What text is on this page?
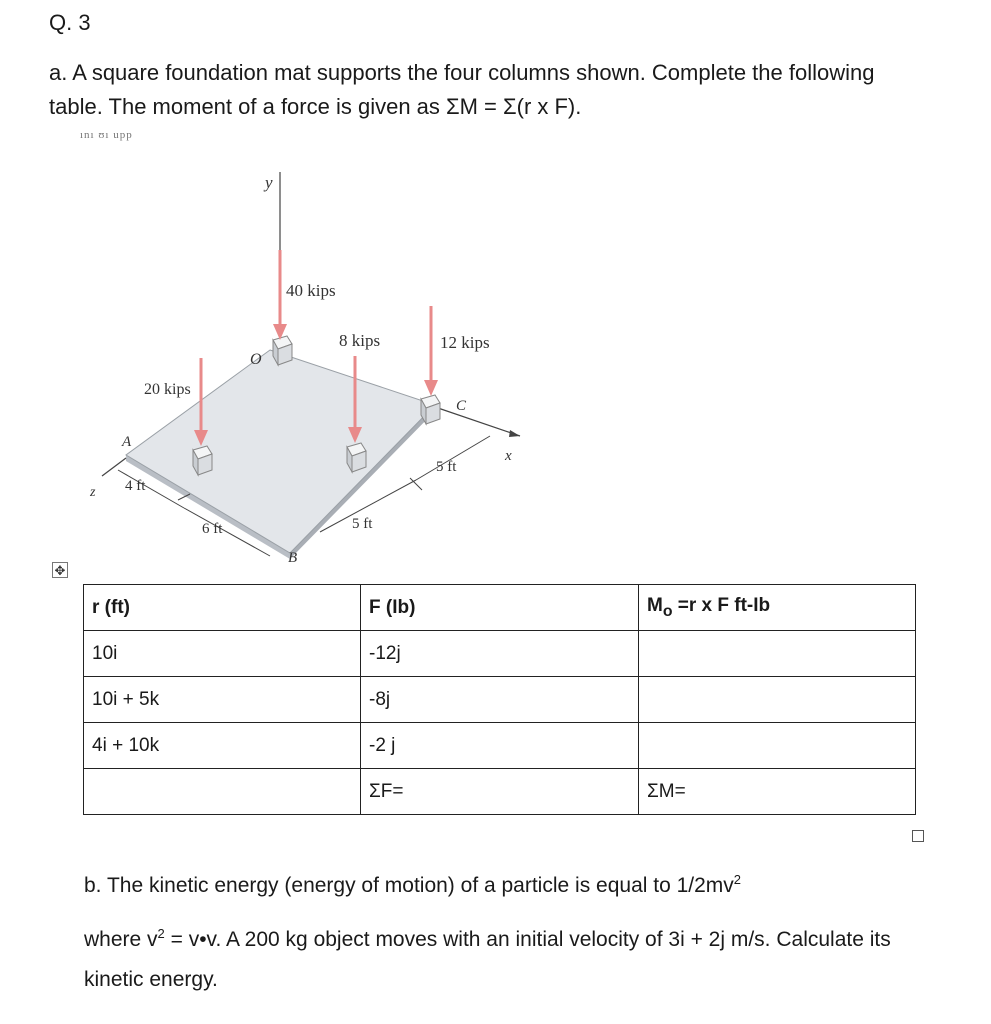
Q. 3
a. A square foundation mat supports the four columns shown. Complete the following table. The moment of a force is given as ΣM = Σ(r x F).
ını ʊı upp
y
40 kips
8 kips	12 kips
O
20 kips
C
A
x
5 ft
z 4 ft
6 ft	5 ft
B
✥
r (ft)	F (Ib)	$M_o =r$ x F ft-Ib
10i	-12j	
10i + 5k	-8j	
4i + 10k	-2 j	
	ΣF=	ΣM=

b. The kinetic energy (energy of motion) of a particle is equal to $1/2mv^2$

where $v^2$ = v•v. A 200 kg object moves with an initial velocity of 3i + 2j m/s. Calculate its kinetic energy.
